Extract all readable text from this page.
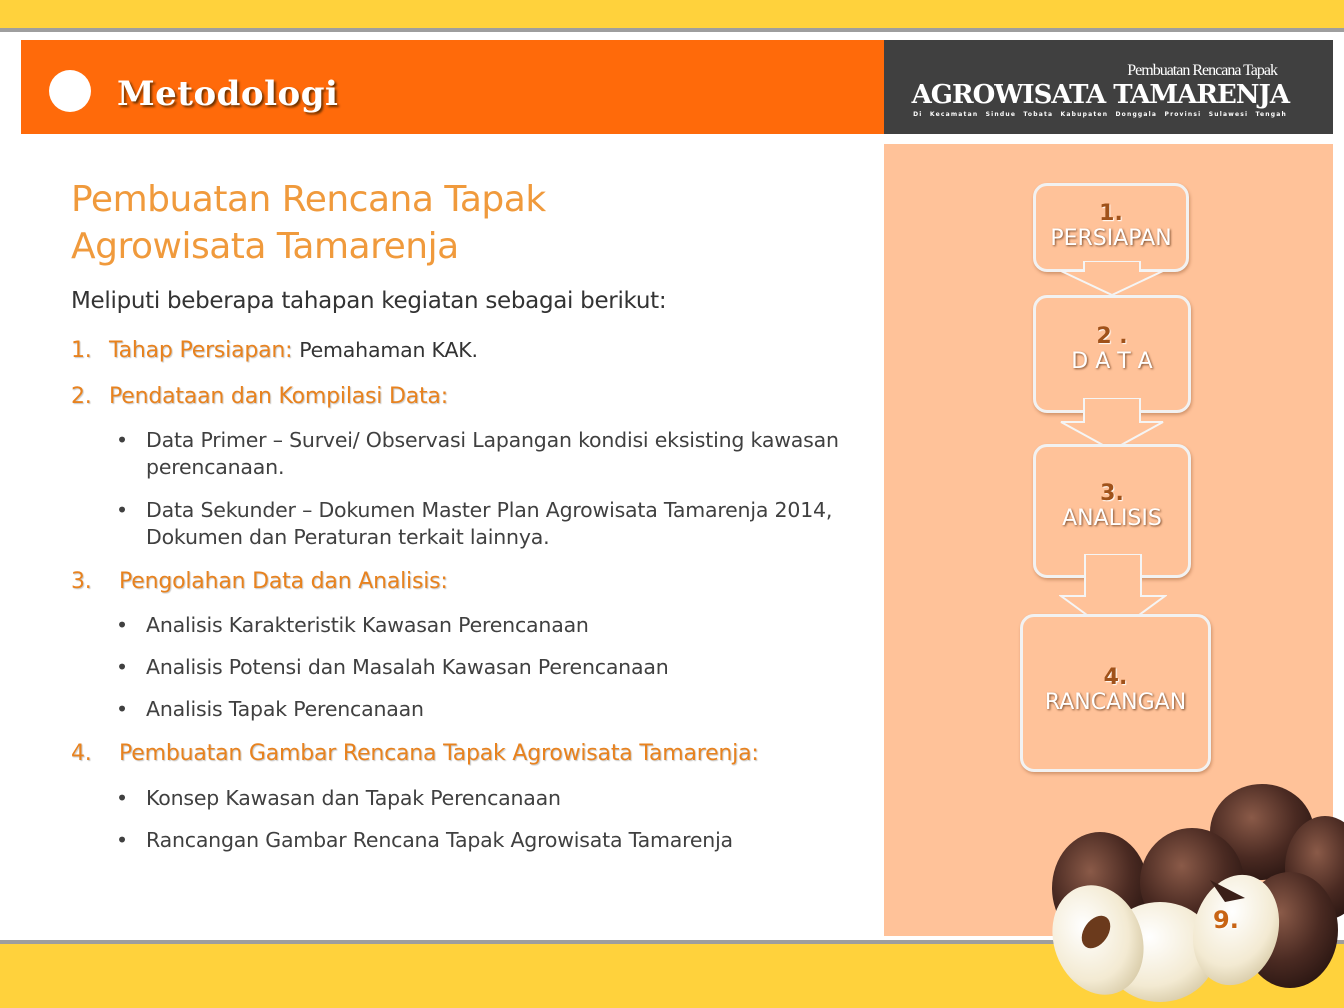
Metodologi
Pembuatan Rencana Tapak
AGROWISATA TAMARENJA
Di Kecamatan Sindue Tobata Kabupaten Donggala Provinsi Sulawesi Tengah
Pembuatan Rencana Tapak
Agrowisata Tamarenja
Meliputi beberapa tahapan kegiatan sebagai berikut:
1. Tahap Persiapan: Pemahaman KAK.
2. Pendataan dan Kompilasi Data:
• Data Primer – Survei/ Observasi Lapangan kondisi eksisting kawasan
perencanaan.
• Data Sekunder – Dokumen Master Plan Agrowisata Tamarenja 2014,
Dokumen dan Peraturan terkait lainnya.
3. Pengolahan Data dan Analisis:
• Analisis Karakteristik Kawasan Perencanaan
• Analisis Potensi dan Masalah Kawasan Perencanaan
• Analisis Tapak Perencanaan
4. Pembuatan Gambar Rencana Tapak Agrowisata Tamarenja:
• Konsep Kawasan dan Tapak Perencanaan
• Rancangan Gambar Rencana Tapak Agrowisata Tamarenja
1.
PERSIAPAN
2 .
D A T A
3.
ANALISIS
4.
RANCANGAN
9.
